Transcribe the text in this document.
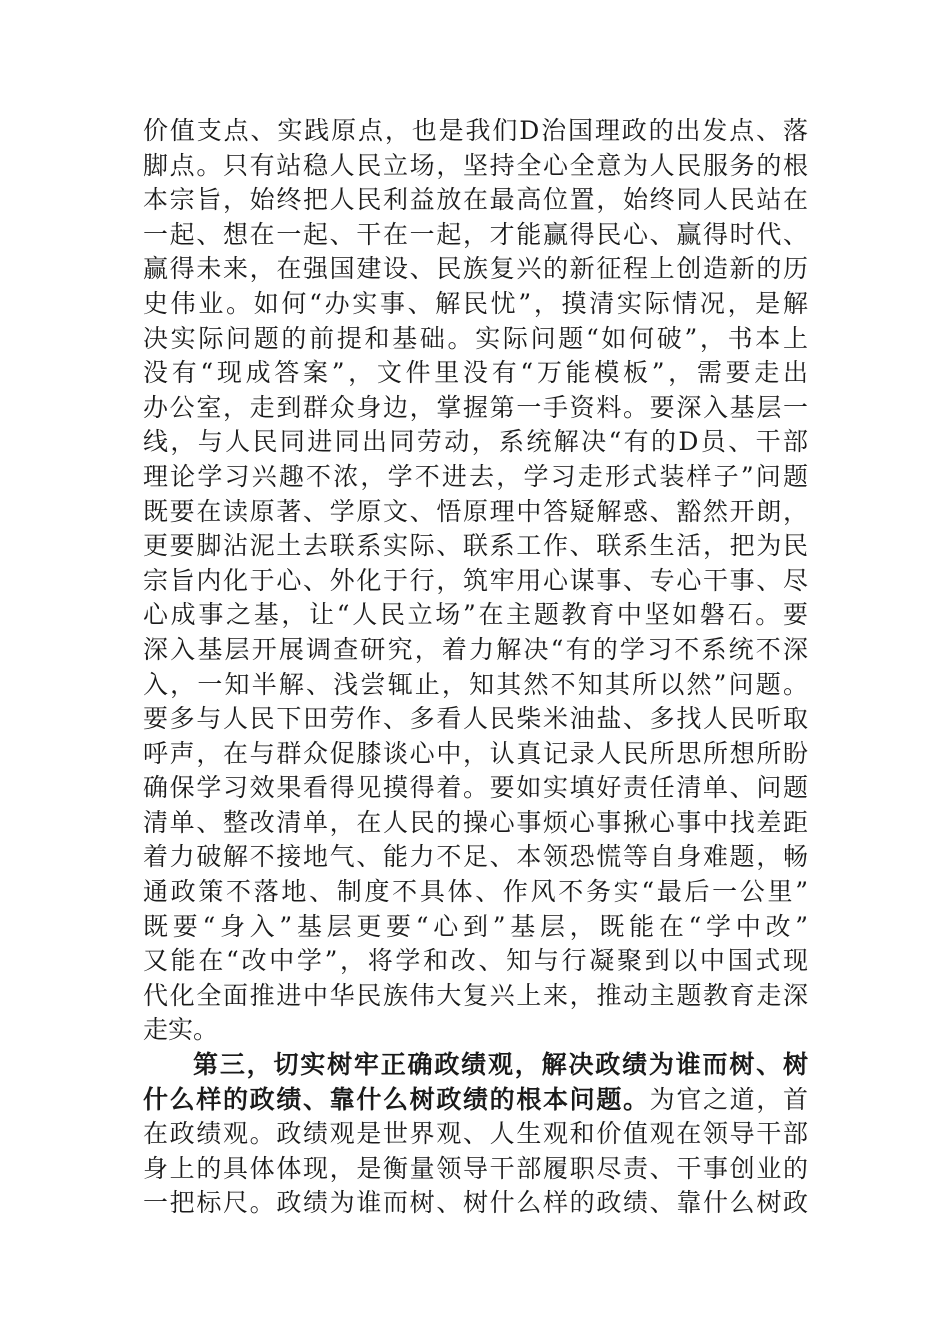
价值支点、实践原点，也是我们D治国理政的出发点、落
脚点。只有站稳人民立场，坚持全心全意为人民服务的根
本宗旨，始终把人民利益放在最高位置，始终同人民站在
一起、想在一起、干在一起，才能赢得民心、赢得时代、
赢得未来，在强国建设、民族复兴的新征程上创造新的历
史伟业。如何“办实事、解民忧”，摸清实际情况，是解
决实际问题的前提和基础。实际问题“如何破”，书本上
没有“现成答案”，文件里没有“万能模板”，需要走出
办公室，走到群众身边，掌握第一手资料。要深入基层一
线，与人民同进同出同劳动，系统解决“有的D员、干部
理论学习兴趣不浓，学不进去，学习走形式装样子”问题
既要在读原著、学原文、悟原理中答疑解惑、豁然开朗，
更要脚沾泥土去联系实际、联系工作、联系生活，把为民
宗旨内化于心、外化于行，筑牢用心谋事、专心干事、尽
心成事之基，让“人民立场”在主题教育中坚如磐石。要
深入基层开展调查研究，着力解决“有的学习不系统不深
入，一知半解、浅尝辄止，知其然不知其所以然”问题。
要多与人民下田劳作、多看人民柴米油盐、多找人民听取
呼声，在与群众促膝谈心中，认真记录人民所思所想所盼
确保学习效果看得见摸得着。要如实填好责任清单、问题
清单、整改清单，在人民的操心事烦心事揪心事中找差距
着力破解不接地气、能力不足、本领恐慌等自身难题，畅
通政策不落地、制度不具体、作风不务实“最后一公里”
既要“身入”基层更要“心到”基层，既能在“学中改”
又能在“改中学”，将学和改、知与行凝聚到以中国式现
代化全面推进中华民族伟大复兴上来，推动主题教育走深
走实。
第三，切实树牢正确政绩观，解决政绩为谁而树、树
什么样的政绩、靠什么树政绩的根本问题。为官之道，首
在政绩观。政绩观是世界观、人生观和价值观在领导干部
身上的具体体现，是衡量领导干部履职尽责、干事创业的
一把标尺。政绩为谁而树、树什么样的政绩、靠什么树政
